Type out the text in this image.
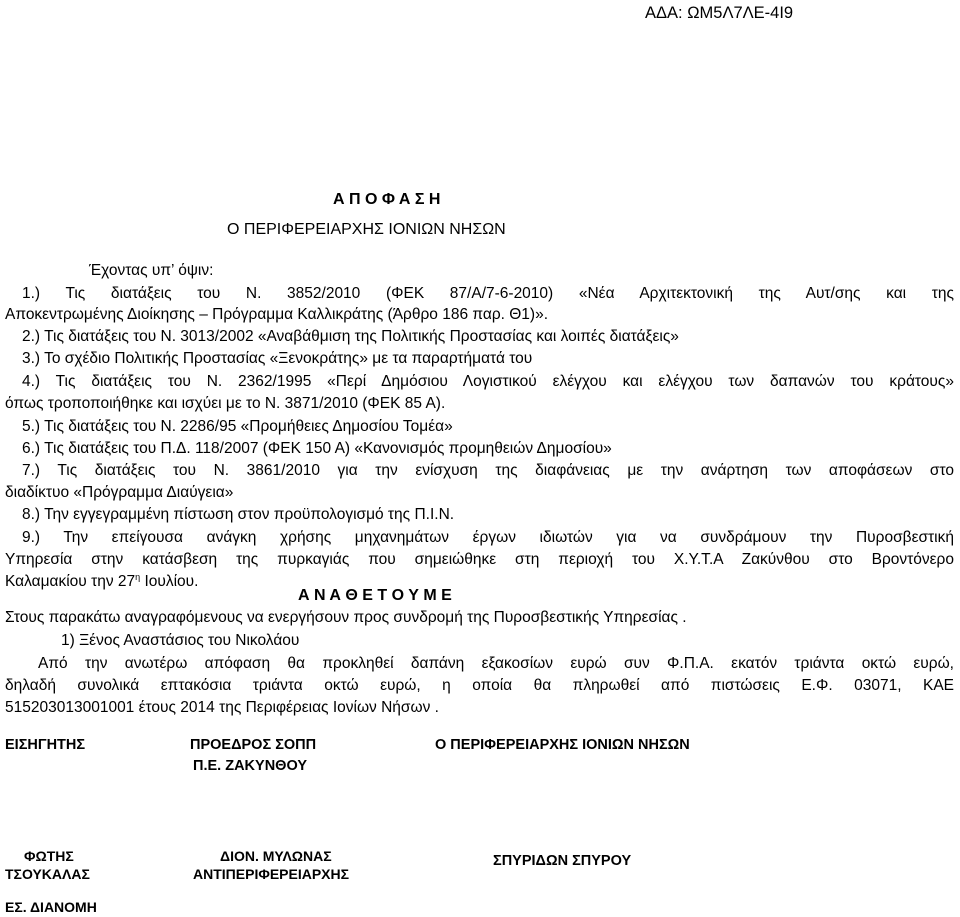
ΑΔΑ: ΩΜ5Λ7ΛΕ-4Ι9
Α Π Ο Φ Α Σ Η
Ο ΠΕΡΙΦΕΡΕΙΑΡΧΗΣ ΙΟΝΙΩΝ ΝΗΣΩΝ
Έχοντας υπ’ όψιν:
1.) Τις διατάξεις του Ν. 3852/2010 (ΦΕΚ 87/Α/7-6-2010) «Νέα Αρχιτεκτονική της Αυτ/σης και της
Αποκεντρωμένης Διοίκησης – Πρόγραμμα Καλλικράτης (Άρθρο 186 παρ. Θ1)».
2.) Τις διατάξεις του Ν. 3013/2002 «Αναβάθμιση της Πολιτικής Προστασίας και λοιπές διατάξεις»
3.) Το σχέδιο Πολιτικής Προστασίας «Ξενοκράτης» με τα παραρτήματά του
4.) Τις διατάξεις του Ν. 2362/1995 «Περί Δημόσιου Λογιστικού ελέγχου και ελέγχου των δαπανών του κράτους»
όπως τροποποιήθηκε και ισχύει με το Ν. 3871/2010 (ΦΕΚ 85 Α).
5.) Τις διατάξεις του Ν. 2286/95 «Προμήθειες Δημοσίου Τομέα»
6.) Τις διατάξεις του Π.Δ. 118/2007 (ΦΕΚ 150 Α) «Κανονισμός προμηθειών Δημοσίου»
7.) Τις διατάξεις του Ν. 3861/2010 για την ενίσχυση της διαφάνειας με την ανάρτηση των αποφάσεων στο
διαδίκτυο «Πρόγραμμα Διαύγεια»
8.) Την εγγεγραμμένη πίστωση στον προϋπολογισμό της Π.Ι.Ν.
9.) Την επείγουσα ανάγκη χρήσης μηχανημάτων έργων ιδιωτών για να συνδράμουν την Πυροσβεστική
Υπηρεσία στην κατάσβεση της πυρκαγιάς που σημειώθηκε στη περιοχή του Χ.Υ.Τ.Α Ζακύνθου στο Βροντόνερο
Καλαμακίου την $27^\eta$ Ιουλίου.
Α Ν Α Θ Ε Τ Ο Υ Μ Ε
Στους παρακάτω αναγραφόμενους να ενεργήσουν προς συνδρομή της Πυροσβεστικής Υπηρεσίας .
1) Ξένος Αναστάσιος του Νικολάου
Από την ανωτέρω απόφαση θα προκληθεί δαπάνη εξακοσίων ευρώ συν Φ.Π.Α. εκατόν τριάντα οκτώ ευρώ,
δηλαδή συνολικά επτακόσια τριάντα οκτώ ευρώ, η οποία θα πληρωθεί από πιστώσεις Ε.Φ. 03071, ΚΑΕ
515203013001001 έτους 2014 της Περιφέρειας Ιονίων Νήσων .
ΕΙΣΗΓΗΤΗΣ	ΠΡΟΕΔΡΟΣ ΣΟΠΠ
Π.Ε. ΖΑΚΥΝΘΟΥ
Ο ΠΕΡΙΦΕΡΕΙΑΡΧΗΣ ΙΟΝΙΩΝ ΝΗΣΩΝ
ΦΩΤΗΣ
ΤΣΟΥΚΑΛΑΣ
ΔΙΟΝ. ΜΥΛΩΝΑΣ
ΑΝΤΙΠΕΡΙΦΕΡΕΙΑΡΧΗΣ
ΣΠΥΡΙΔΩΝ ΣΠΥΡΟΥ
ΕΣ. ΔΙΑΝΟΜΗ
